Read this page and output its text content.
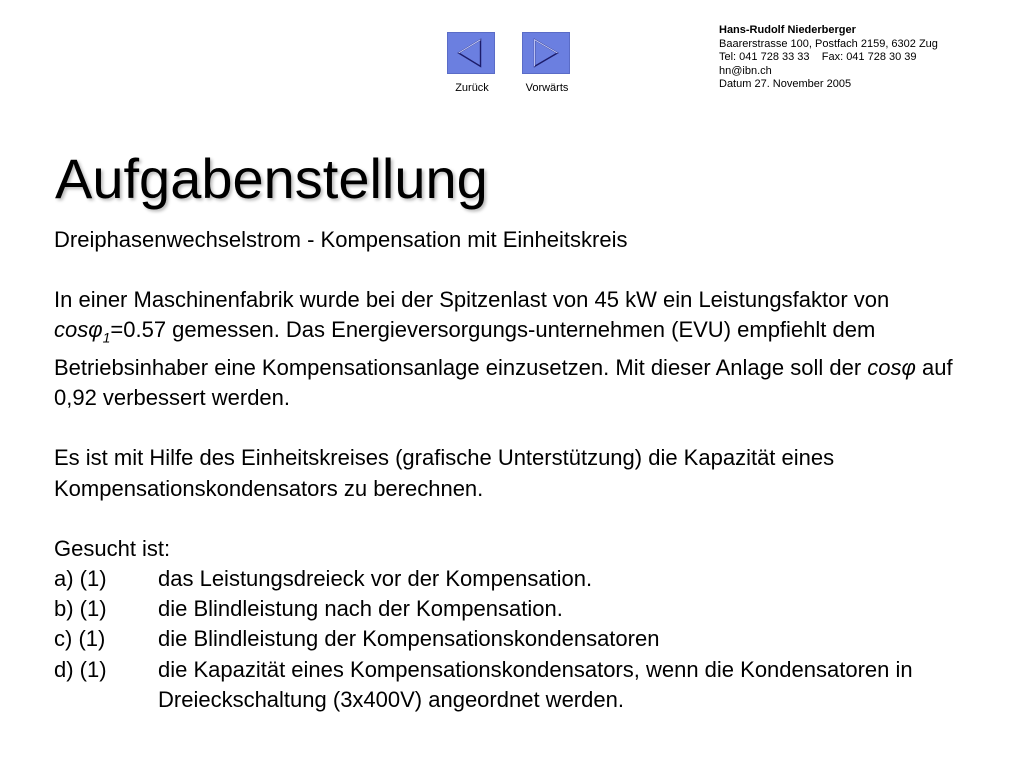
Zurück	Vorwärts
Hans-Rudolf Niederberger
Baarerstrasse 100, Postfach 2159, 6302 Zug
Tel: 041 728 33 33    Fax: 041 728 30 39
hn@ibn.ch
Datum 27. November 2005
Aufgabenstellung

Dreiphasenwechselstrom - Kompensation mit Einheitskreis

In einer Maschinenfabrik wurde bei der Spitzenlast von 45 kW ein Leistungsfaktor von cosφ$_1$=0.57 gemessen. Das Energieversorgungs-unternehmen (EVU) empfiehlt dem Betriebsinhaber eine Kompensationsanlage einzusetzen. Mit dieser Anlage soll der cosφ auf 0,92 verbessert werden.

Es ist mit Hilfe des Einheitskreises (grafische Unterstützung) die Kapazität eines Kompensationskondensators zu berechnen.

Gesucht ist:

a) (1)	das Leistungsdreieck vor der Kompensation.
b) (1)	die Blindleistung nach der Kompensation.
c) (1)	die Blindleistung der Kompensationskondensatoren
d) (1)	die Kapazität eines Kompensationskondensators, wenn die Kondensatoren in Dreieckschaltung (3x400V) angeordnet werden.
